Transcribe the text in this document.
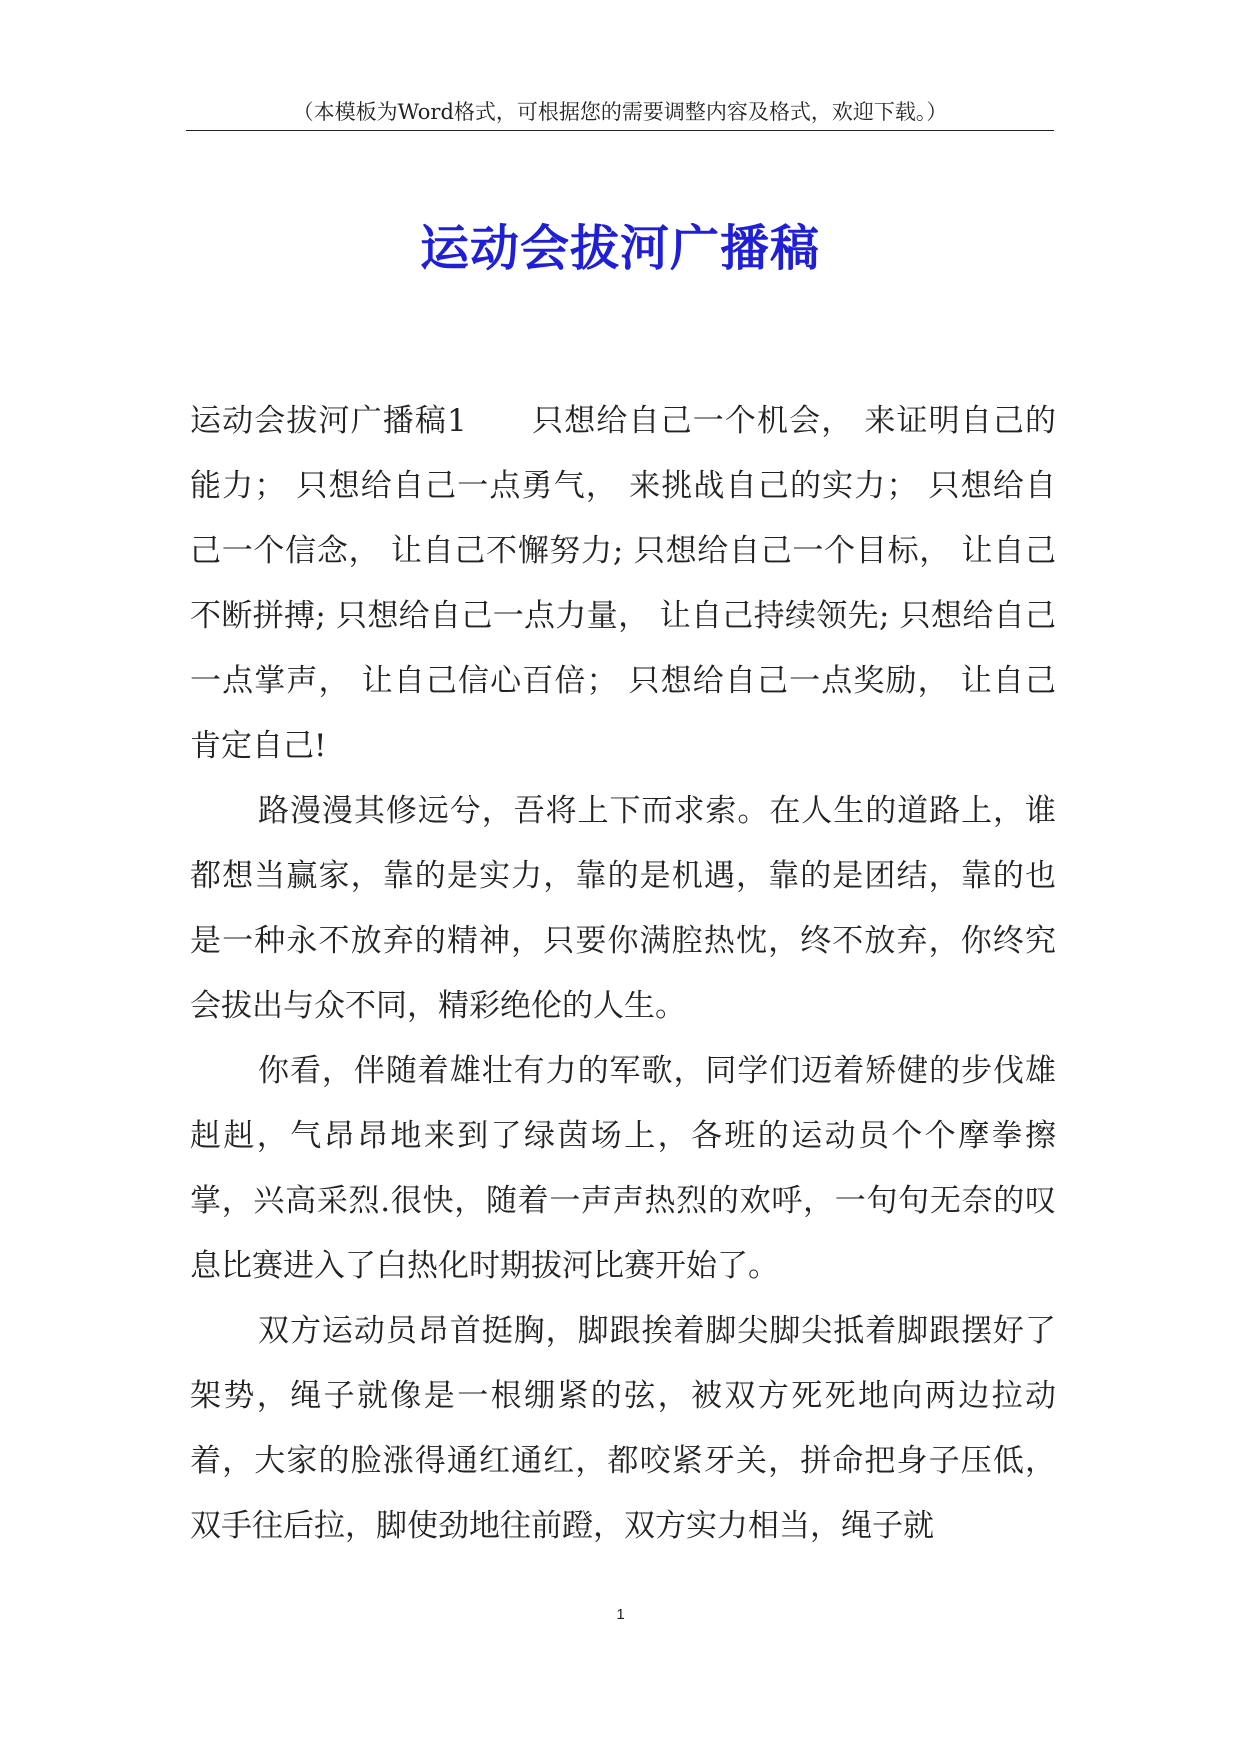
（本模板为Word格式，可根据您的需要调整内容及格式，欢迎下载。）
运动会拔河广播稿

运动会拔河广播稿1　　只想给自己一个机会， 来证明自己的能力； 只想给自己一点勇气， 来挑战自己的实力； 只想给自己一个信念， 让自己不懈努力; 只想给自己一个目标， 让自己不断拼搏; 只想给自己一点力量， 让自己持续领先; 只想给自己一点掌声， 让自己信心百倍； 只想给自己一点奖励， 让自己肯定自己!

路漫漫其修远兮，吾将上下而求索。在人生的道路上，谁都想当赢家，靠的是实力，靠的是机遇，靠的是团结，靠的也是一种永不放弃的精神，只要你满腔热忱，终不放弃，你终究会拔出与众不同，精彩绝伦的人生。

你看，伴随着雄壮有力的军歌，同学们迈着矫健的步伐雄赳赳，气昂昂地来到了绿茵场上，各班的运动员个个摩拳擦掌，兴高采烈.很快，随着一声声热烈的欢呼，一句句无奈的叹息比赛进入了白热化时期拔河比赛开始了。

双方运动员昂首挺胸，脚跟挨着脚尖脚尖抵着脚跟摆好了架势，绳子就像是一根绷紧的弦，被双方死死地向两边拉动着，大家的脸涨得通红通红，都咬紧牙关，拼命把身子压低，双手往后拉，脚使劲地往前蹬，双方实力相当，绳子就

1
